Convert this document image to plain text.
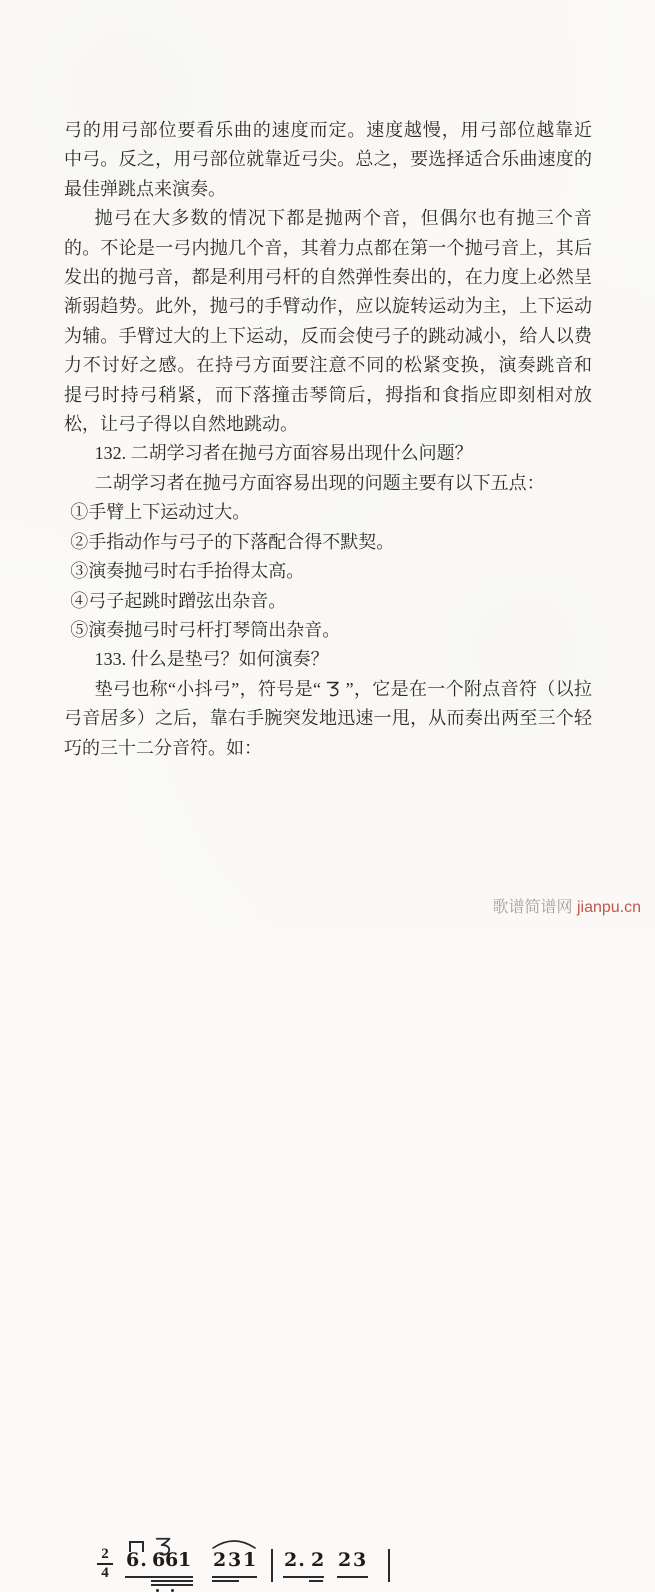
弓的用弓部位要看乐曲的速度而定。速度越慢，用弓部位越靠近
中弓。反之，用弓部位就靠近弓尖。总之，要选择适合乐曲速度的
最佳弹跳点来演奏。
抛弓在大多数的情况下都是抛两个音，但偶尔也有抛三个音
的。不论是一弓内抛几个音，其着力点都在第一个抛弓音上，其后
发出的抛弓音，都是利用弓杆的自然弹性奏出的，在力度上必然呈
渐弱趋势。此外，抛弓的手臂动作，应以旋转运动为主，上下运动
为辅。手臂过大的上下运动，反而会使弓子的跳动减小，给人以费
力不讨好之感。在持弓方面要注意不同的松紧变换，演奏跳音和
提弓时持弓稍紧，而下落撞击琴筒后，拇指和食指应即刻相对放
松，让弓子得以自然地跳动。
132. 二胡学习者在抛弓方面容易出现什么问题？
二胡学习者在抛弓方面容易出现的问题主要有以下五点：
①手臂上下运动过大。
②手指动作与弓子的下落配合得不默契。
③演奏抛弓时右手抬得太高。
④弓子起跳时蹭弦出杂音。
⑤演奏抛弓时弓杆打琴筒出杂音。
133. 什么是垫弓？如何演奏？
垫弓也称“小抖弓”，符号是“  ”，它是在一个附点音符（以拉
弓音居多）之后，靠右手腕突发地迅速一甩，从而奏出两至三个轻
巧的三十二分音符。如：
2
4
6. 6
6
1 2 3 1 2. 2 2 3
歌谱简谱网 jianpu.cn
